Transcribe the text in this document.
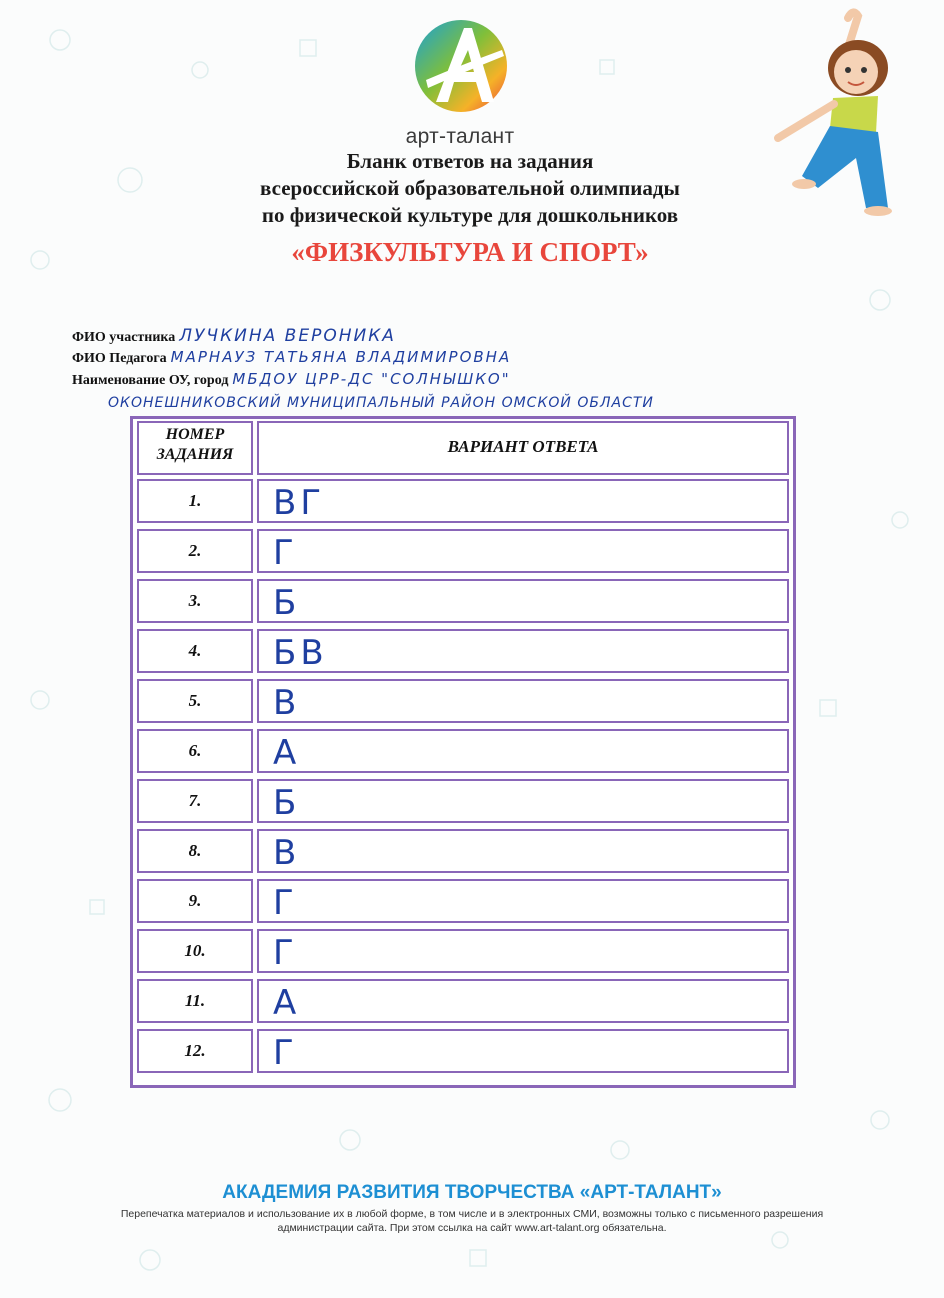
арт-талант
Бланк ответов на задания
всероссийской образовательной олимпиады
по физической культуре для дошкольников
«ФИЗКУЛЬТУРА И СПОРТ»
ФИО участника ЛУЧКИНА ВЕРОНИКА
ФИО Педагога МАРНАУЗ ТАТЬЯНА ВЛАДИМИРОВНА
Наименование ОУ, город МБДОУ ЦРР-ДС "СОЛНЫШКО"
ОКОНЕШНИКОВСКИЙ МУНИЦИПАЛЬНЫЙ РАЙОН ОМСКОЙ ОБЛАСТИ
НОМЕР ЗАДАНИЯ	ВАРИАНТ ОТВЕТА
1.	ВГ
2.	Г
3.	Б
4.	БВ
5.	В
6.	А
7.	Б
8.	В
9.	Г
10.	Г
11.	А
12.	Г
АКАДЕМИЯ РАЗВИТИЯ ТВОРЧЕСТВА «АРТ-ТАЛАНТ»
Перепечатка материалов и использование их в любой форме, в том числе и в электронных СМИ, возможны только с письменного разрешения администрации сайта. При этом ссылка на сайт www.art-talant.org обязательна.
